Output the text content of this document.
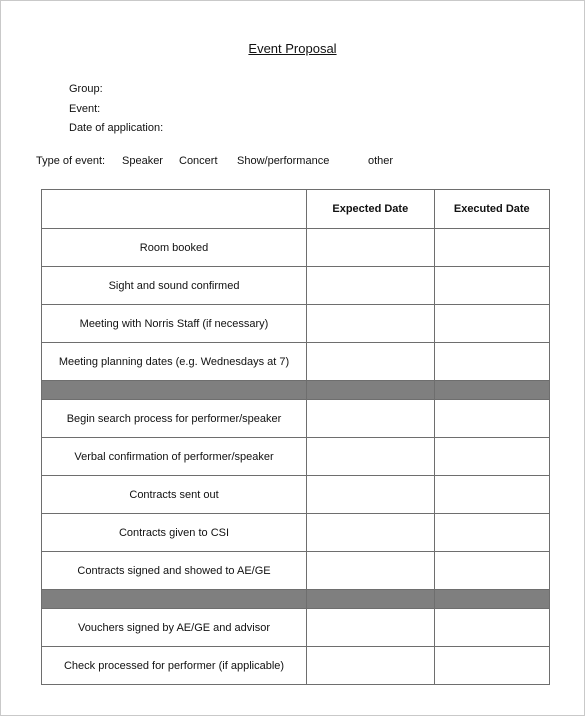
Event Proposal
Group:
Event:
Date of application:
Type of event: Speaker Concert Show/performance	other
	Expected Date	Executed Date
Room booked		
Sight and sound confirmed		
Meeting with Norris Staff (if necessary)		
Meeting planning dates (e.g. Wednesdays at 7)		

Begin search process for performer/speaker		
Verbal confirmation of performer/speaker		
Contracts sent out		
Contracts given to CSI		
Contracts signed and showed to AE/GE		

Vouchers signed by AE/GE and advisor		
Check processed for performer (if applicable)		
